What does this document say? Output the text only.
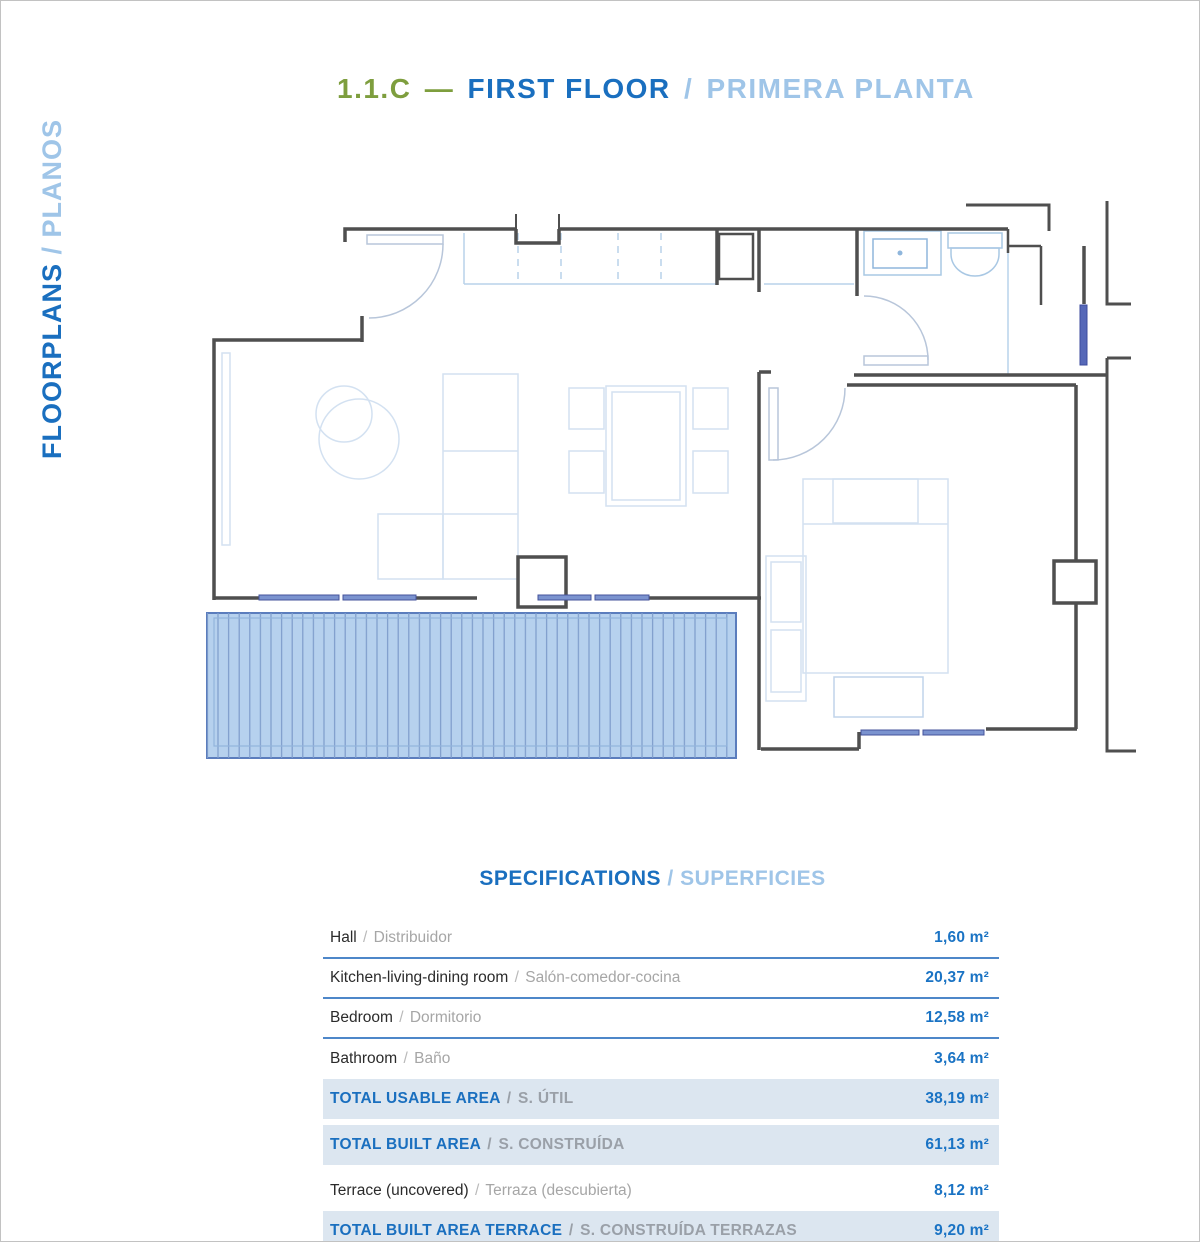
FLOORPLANS / PLANOS
1.1.C — FIRST FLOOR / PRIMERA PLANTA
SPECIFICATIONS / SUPERFICIES
Hall / Distribuidor	1,60 m²
Kitchen-living-dining room / Salón-comedor-cocina	20,37 m²
Bedroom / Dormitorio	12,58 m²
Bathroom / Baño	3,64 m²
TOTAL USABLE AREA / S. ÚTIL	38,19 m²
TOTAL BUILT AREA / S. CONSTRUÍDA	61,13 m²
Terrace (uncovered) / Terraza (descubierta)	8,12 m²
TOTAL BUILT AREA TERRACE / S. CONSTRUÍDA TERRAZAS	9,20 m²
